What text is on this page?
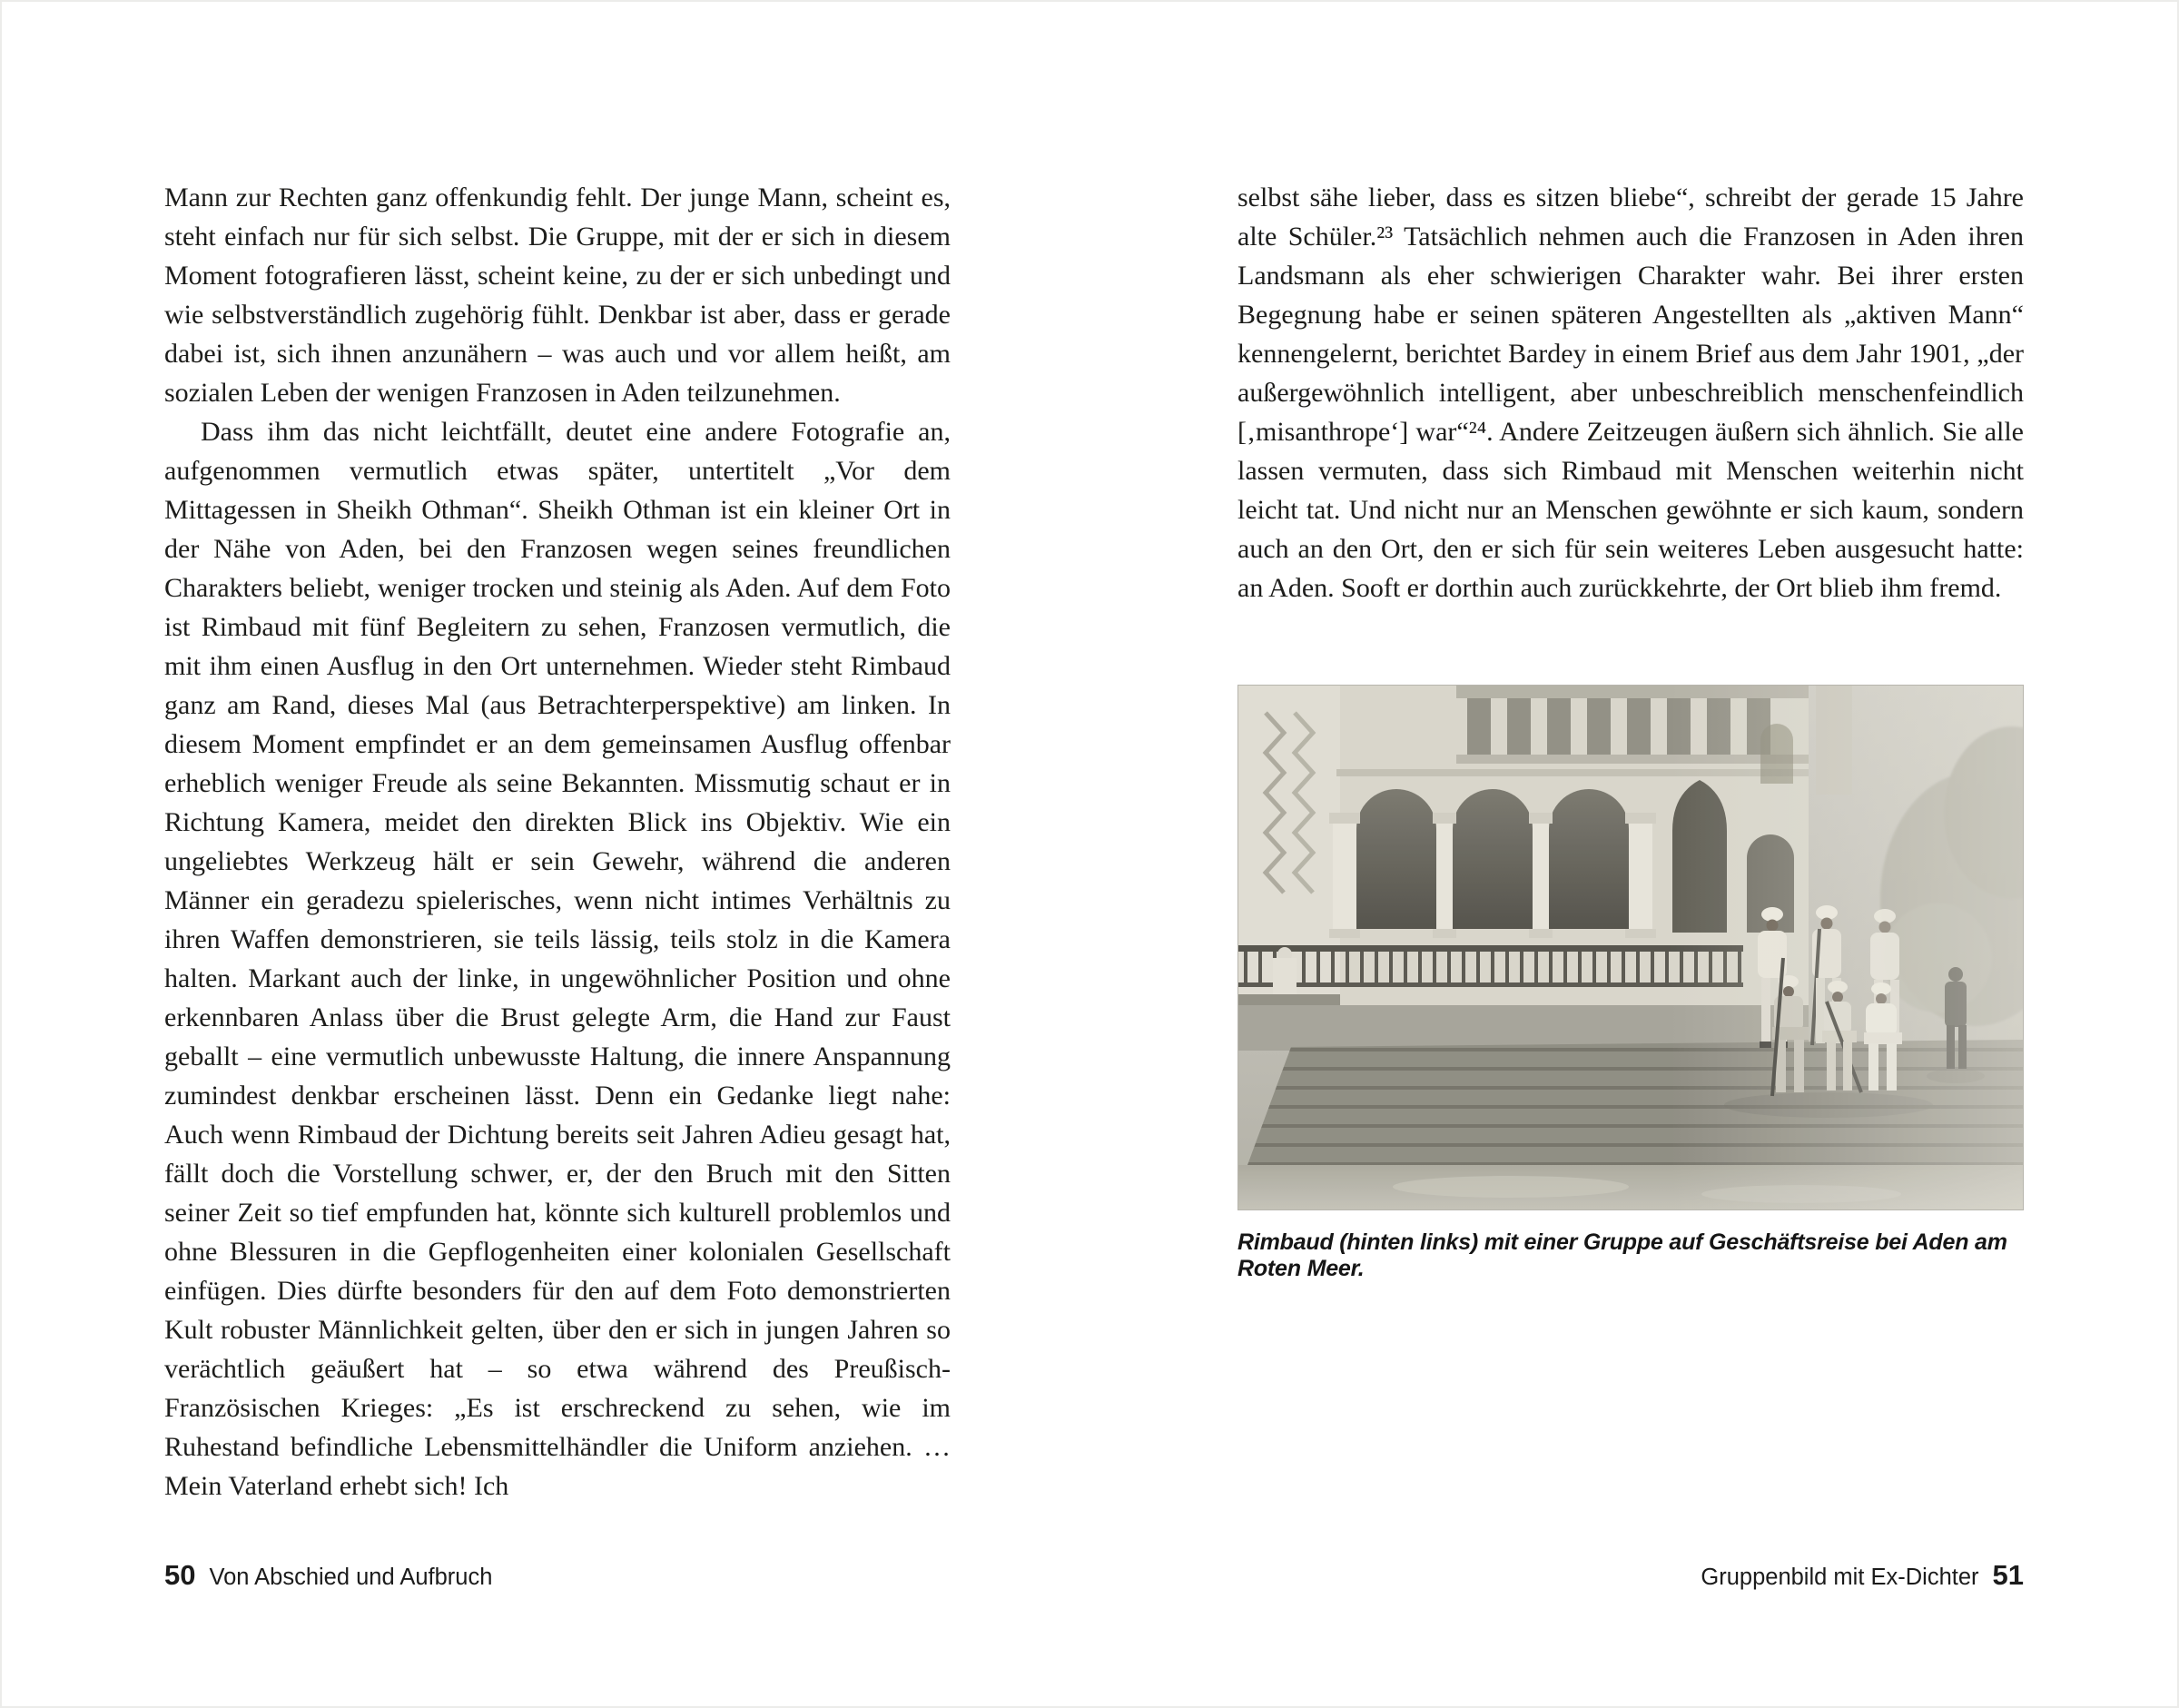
Mann zur Rechten ganz offenkundig fehlt. Der junge Mann, scheint es, steht einfach nur für sich selbst. Die Gruppe, mit der er sich in diesem Moment fotografieren lässt, scheint keine, zu der er sich unbedingt und wie selbstverständlich zugehörig fühlt. Denkbar ist aber, dass er gerade dabei ist, sich ihnen anzunähern – was auch und vor allem heißt, am sozialen Leben der wenigen Franzosen in Aden teilzunehmen.

Dass ihm das nicht leichtfällt, deutet eine andere Fotografie an, aufgenommen vermutlich etwas später, untertitelt „Vor dem Mittagessen in Sheikh Othman“. Sheikh Othman ist ein kleiner Ort in der Nähe von Aden, bei den Franzosen wegen seines freundlichen Charakters beliebt, weniger trocken und steinig als Aden. Auf dem Foto ist Rimbaud mit fünf Begleitern zu sehen, Franzosen vermutlich, die mit ihm einen Ausflug in den Ort unternehmen. Wieder steht Rimbaud ganz am Rand, dieses Mal (aus Betrachterperspektive) am linken. In diesem Moment empfindet er an dem gemeinsamen Ausflug offenbar erheblich weniger Freude als seine Bekannten. Missmutig schaut er in Richtung Kamera, meidet den direkten Blick ins Objektiv. Wie ein ungeliebtes Werkzeug hält er sein Gewehr, während die anderen Männer ein geradezu spielerisches, wenn nicht intimes Verhältnis zu ihren Waffen demonstrieren, sie teils lässig, teils stolz in die Kamera halten. Markant auch der linke, in ungewöhnlicher Position und ohne erkennbaren Anlass über die Brust gelegte Arm, die Hand zur Faust geballt – eine vermutlich unbewusste Haltung, die innere Anspannung zumindest denkbar erscheinen lässt. Denn ein Gedanke liegt nahe: Auch wenn Rimbaud der Dichtung bereits seit Jahren Adieu gesagt hat, fällt doch die Vorstellung schwer, er, der den Bruch mit den Sitten seiner Zeit so tief empfunden hat, könnte sich kulturell problemlos und ohne Blessuren in die Gepflogenheiten einer kolonialen Gesellschaft einfügen. Dies dürfte besonders für den auf dem Foto demonstrierten Kult robuster Männlichkeit gelten, über den er sich in jungen Jahren so verächtlich geäußert hat – so etwa während des Preußisch-Französischen Krieges: „Es ist erschreckend zu sehen, wie im Ruhestand befindliche Lebensmittelhändler die Uniform anziehen. … Mein Vaterland erhebt sich! Ich

50 Von Abschied und Aufbruch

selbst sähe lieber, dass es sitzen bliebe“, schreibt der gerade 15 Jahre alte Schüler.²³ Tatsächlich nehmen auch die Franzosen in Aden ihren Landsmann als eher schwierigen Charakter wahr. Bei ihrer ersten Begegnung habe er seinen späteren Angestellten als „aktiven Mann“ kennengelernt, berichtet Bardey in einem Brief aus dem Jahr 1901, „der außergewöhnlich intelligent, aber unbeschreiblich menschenfeindlich [‚misanthrope‘] war“²⁴. Andere Zeitzeugen äußern sich ähnlich. Sie alle lassen vermuten, dass sich Rimbaud mit Menschen weiterhin nicht leicht tat. Und nicht nur an Menschen gewöhnte er sich kaum, sondern auch an den Ort, den er sich für sein weiteres Leben ausgesucht hatte: an Aden. Sooft er dorthin auch zurückkehrte, der Ort blieb ihm fremd.

Rimbaud (hinten links) mit einer Gruppe auf Geschäftsreise bei Aden am Roten Meer.
Gruppenbild mit Ex-Dichter 51
